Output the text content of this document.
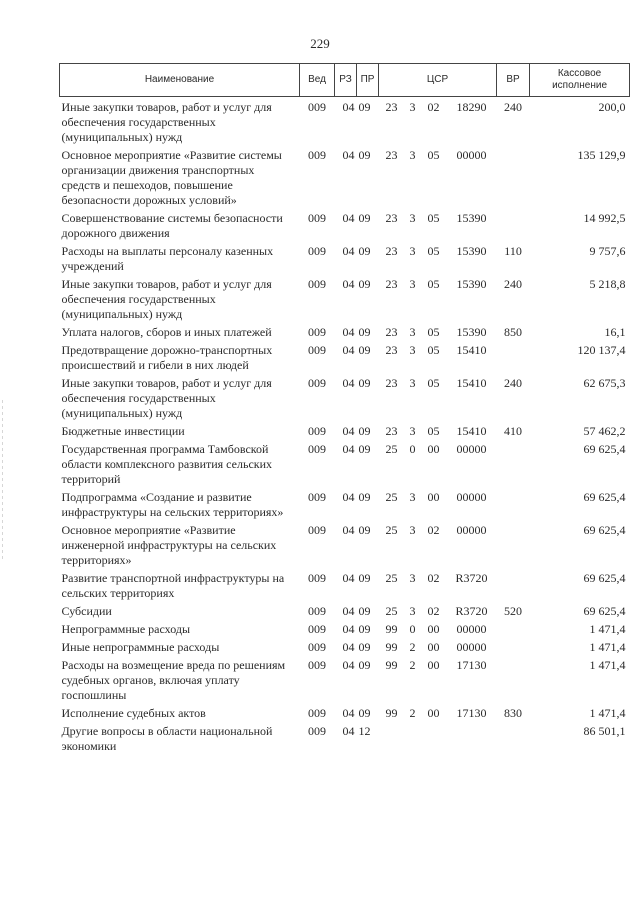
229
Наименование	Вед	РЗ	ПР	ЦСР				ВР	Кассовое исполнение
Иные закупки товаров, работ и услуг для обеспечения государственных (муниципальных) нужд	009	04	09	23	3	02	18290	240	200,0
Основное мероприятие «Развитие системы организации движения транспортных средств и пешеходов, повышение безопасности дорожных условий»	009	04	09	23	3	05	00000		135 129,9
Совершенствование системы безопасности дорожного движения	009	04	09	23	3	05	15390		14 992,5
Расходы на выплаты персоналу казенных учреждений	009	04	09	23	3	05	15390	110	9 757,6
Иные закупки товаров, работ и услуг для обеспечения государственных (муниципальных) нужд	009	04	09	23	3	05	15390	240	5 218,8
Уплата налогов, сборов и иных платежей	009	04	09	23	3	05	15390	850	16,1
Предотвращение дорожно-транспортных происшествий и гибели в них людей	009	04	09	23	3	05	15410		120 137,4
Иные закупки товаров, работ и услуг для обеспечения государственных (муниципальных) нужд	009	04	09	23	3	05	15410	240	62 675,3
Бюджетные инвестиции	009	04	09	23	3	05	15410	410	57 462,2
Государственная программа Тамбовской области комплексного развития сельских территорий	009	04	09	25	0	00	00000		69 625,4
Подпрограмма «Создание и развитие инфраструктуры на сельских территориях»	009	04	09	25	3	00	00000		69 625,4
Основное мероприятие «Развитие инженерной инфраструктуры на сельских территориях»	009	04	09	25	3	02	00000		69 625,4
Развитие транспортной инфраструктуры на сельских территориях	009	04	09	25	3	02	R3720		69 625,4
Субсидии	009	04	09	25	3	02	R3720	520	69 625,4
Непрограммные расходы	009	04	09	99	0	00	00000		1 471,4
Иные непрограммные расходы	009	04	09	99	2	00	00000		1 471,4
Расходы на возмещение вреда по решениям судебных органов, включая уплату госпошлины	009	04	09	99	2	00	17130		1 471,4
Исполнение судебных актов	009	04	09	99	2	00	17130	830	1 471,4
Другие вопросы в области национальной экономики	009	04	12						86 501,1
